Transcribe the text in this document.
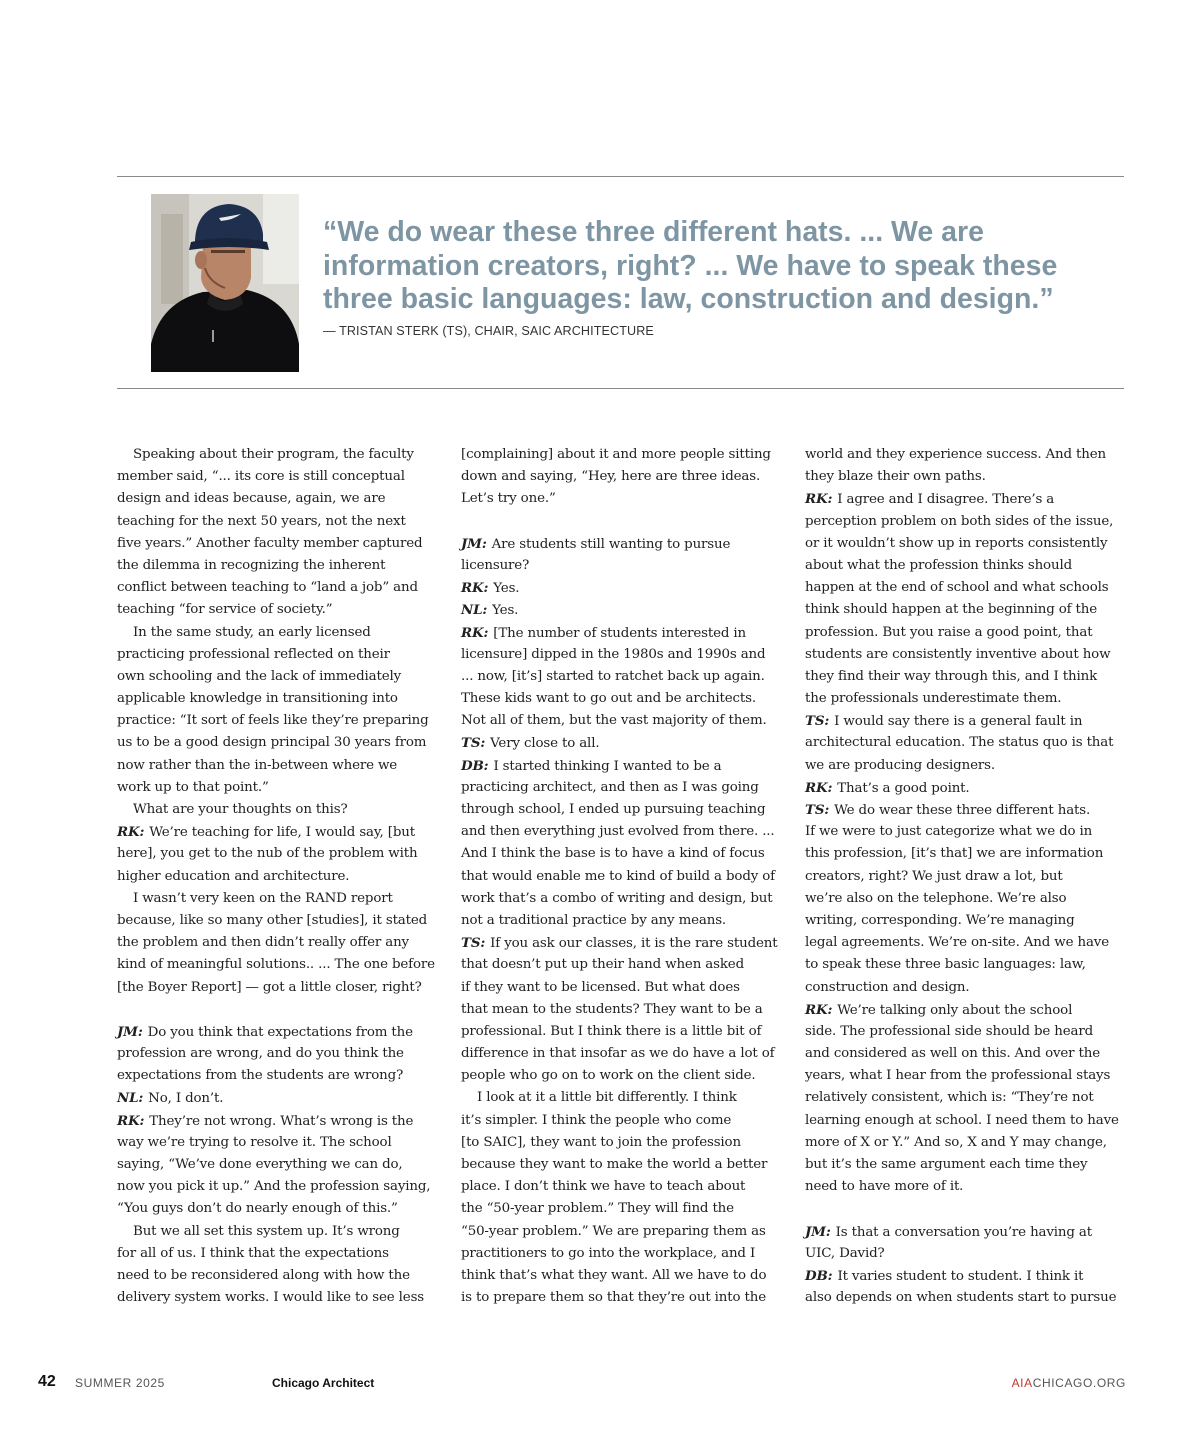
“We do wear these three different hats. ... We are
information creators, right? ... We have to speak these
three basic languages: law, construction and design.”
— TRISTAN STERK (TS), CHAIR, SAIC ARCHITECTURE
Speaking about their program, the faculty
member said, “... its core is still conceptual
design and ideas because, again, we are
teaching for the next 50 years, not the next
five years.” Another faculty member captured
the dilemma in recognizing the inherent
conflict between teaching to “land a job” and
teaching “for service of society.”
In the same study, an early licensed
practicing professional reflected on their
own schooling and the lack of immediately
applicable knowledge in transitioning into
practice: “It sort of feels like they’re preparing
us to be a good design principal 30 years from
now rather than the in-between where we
work up to that point.”
What are your thoughts on this?
RK: We’re teaching for life, I would say, [but
here], you get to the nub of the problem with
higher education and architecture.
I wasn’t very keen on the RAND report
because, like so many other [studies], it stated
the problem and then didn’t really offer any
kind of meaningful solutions.. ... The one before
[the Boyer Report] — got a little closer, right?
JM: Do you think that expectations from the
profession are wrong, and do you think the
expectations from the students are wrong?
NL: No, I don’t.
RK: They’re not wrong. What’s wrong is the
way we’re trying to resolve it. The school
saying, “We’ve done everything we can do,
now you pick it up.” And the profession saying,
“You guys don’t do nearly enough of this.”
But we all set this system up. It’s wrong
for all of us. I think that the expectations
need to be reconsidered along with how the
delivery system works. I would like to see less
[complaining] about it and more people sitting
down and saying, “Hey, here are three ideas.
Let’s try one.”
JM: Are students still wanting to pursue
licensure?
RK: Yes.
NL: Yes.
RK: [The number of students interested in
licensure] dipped in the 1980s and 1990s and
... now, [it’s] started to ratchet back up again.
These kids want to go out and be architects.
Not all of them, but the vast majority of them.
TS: Very close to all.
DB: I started thinking I wanted to be a
practicing architect, and then as I was going
through school, I ended up pursuing teaching
and then everything just evolved from there. ...
And I think the base is to have a kind of focus
that would enable me to kind of build a body of
work that’s a combo of writing and design, but
not a traditional practice by any means.
TS: If you ask our classes, it is the rare student
that doesn’t put up their hand when asked
if they want to be licensed. But what does
that mean to the students? They want to be a
professional. But I think there is a little bit of
difference in that insofar as we do have a lot of
people who go on to work on the client side.
I look at it a little bit differently. I think
it’s simpler. I think the people who come
[to SAIC], they want to join the profession
because they want to make the world a better
place. I don’t think we have to teach about
the “50-year problem.” They will find the
“50-year problem.” We are preparing them as
practitioners to go into the workplace, and I
think that’s what they want. All we have to do
is to prepare them so that they’re out into the
world and they experience success. And then
they blaze their own paths.
RK: I agree and I disagree. There’s a
perception problem on both sides of the issue,
or it wouldn’t show up in reports consistently
about what the profession thinks should
happen at the end of school and what schools
think should happen at the beginning of the
profession. But you raise a good point, that
students are consistently inventive about how
they find their way through this, and I think
the professionals underestimate them.
TS: I would say there is a general fault in
architectural education. The status quo is that
we are producing designers.
RK: That’s a good point.
TS: We do wear these three different hats.
If we were to just categorize what we do in
this profession, [it’s that] we are information
creators, right? We just draw a lot, but
we’re also on the telephone. We’re also
writing, corresponding. We’re managing
legal agreements. We’re on-site. And we have
to speak these three basic languages: law,
construction and design.
RK: We’re talking only about the school
side. The professional side should be heard
and considered as well on this. And over the
years, what I hear from the professional stays
relatively consistent, which is: “They’re not
learning enough at school. I need them to have
more of X or Y.” And so, X and Y may change,
but it’s the same argument each time they
need to have more of it.
JM: Is that a conversation you’re having at
UIC, David?
DB: It varies student to student. I think it
also depends on when students start to pursue
42 SUMMER 2025	Chicago Architect	AIACHICAGO.ORG
